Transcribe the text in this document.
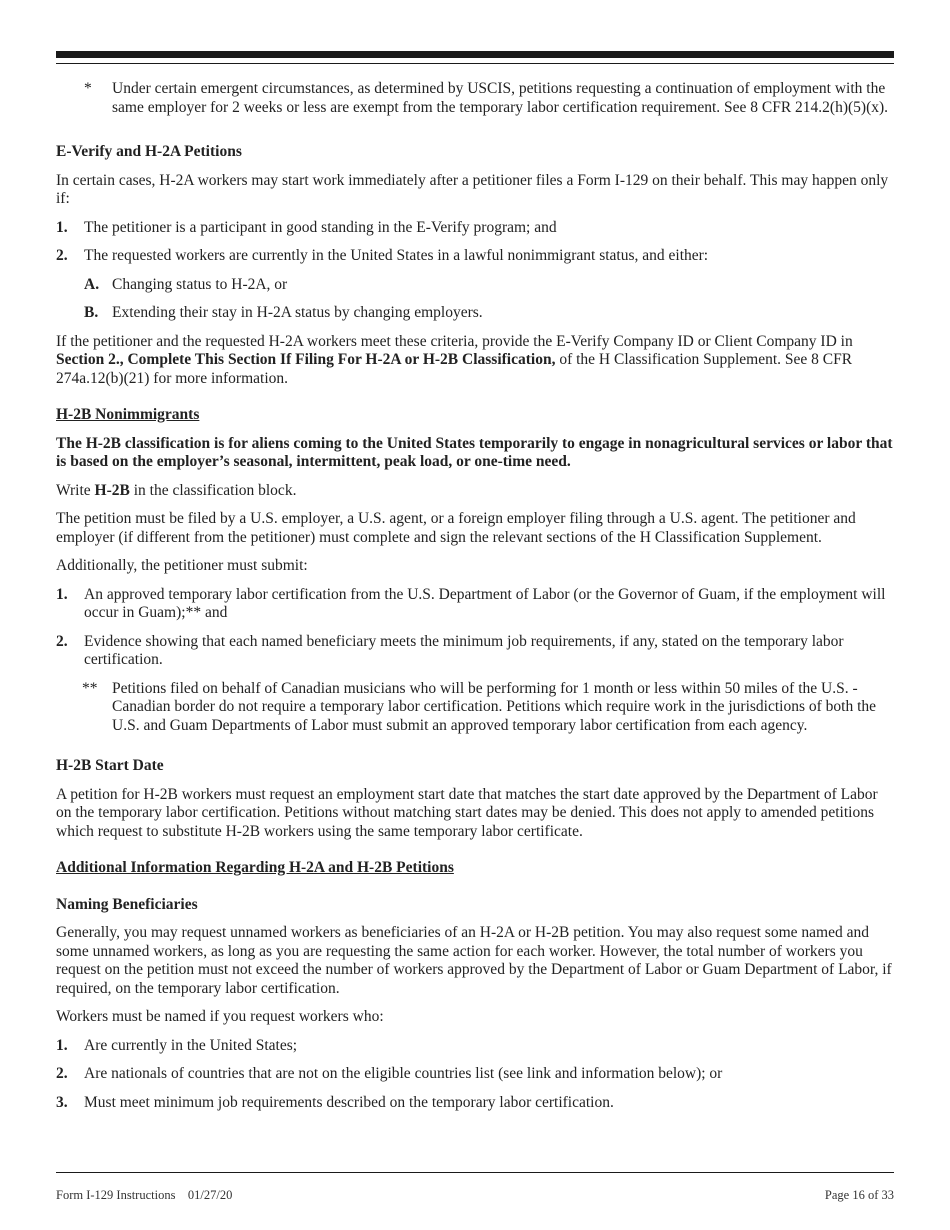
* Under certain emergent circumstances, as determined by USCIS, petitions requesting a continuation of employment with the same employer for 2 weeks or less are exempt from the temporary labor certification requirement. See 8 CFR 214.2(h)(5)(x).

E-Verify and H-2A Petitions

In certain cases, H-2A workers may start work immediately after a petitioner files a Form I-129 on their behalf. This may happen only if:

1. The petitioner is a participant in good standing in the E-Verify program; and

2. The requested workers are currently in the United States in a lawful nonimmigrant status, and either:

A. Changing status to H-2A, or

B. Extending their stay in H-2A status by changing employers.

If the petitioner and the requested H-2A workers meet these criteria, provide the E-Verify Company ID or Client Company ID in Section 2., Complete This Section If Filing For H-2A or H-2B Classification, of the H Classification Supplement. See 8 CFR 274a.12(b)(21) for more information.

H-2B Nonimmigrants

The H-2B classification is for aliens coming to the United States temporarily to engage in nonagricultural services or labor that is based on the employer’s seasonal, intermittent, peak load, or one-time need.

Write H-2B in the classification block.

The petition must be filed by a U.S. employer, a U.S. agent, or a foreign employer filing through a U.S. agent. The petitioner and employer (if different from the petitioner) must complete and sign the relevant sections of the H Classification Supplement.

Additionally, the petitioner must submit:

1. An approved temporary labor certification from the U.S. Department of Labor (or the Governor of Guam, if the employment will occur in Guam);** and

2. Evidence showing that each named beneficiary meets the minimum job requirements, if any, stated on the temporary labor certification.

** Petitions filed on behalf of Canadian musicians who will be performing for 1 month or less within 50 miles of the U.S. - Canadian border do not require a temporary labor certification. Petitions which require work in the jurisdictions of both the U.S. and Guam Departments of Labor must submit an approved temporary labor certification from each agency.

H-2B Start Date

A petition for H-2B workers must request an employment start date that matches the start date approved by the Department of Labor on the temporary labor certification. Petitions without matching start dates may be denied. This does not apply to amended petitions which request to substitute H-2B workers using the same temporary labor certificate.

Additional Information Regarding H-2A and H-2B Petitions

Naming Beneficiaries

Generally, you may request unnamed workers as beneficiaries of an H-2A or H-2B petition. You may also request some named and some unnamed workers, as long as you are requesting the same action for each worker. However, the total number of workers you request on the petition must not exceed the number of workers approved by the Department of Labor or Guam Department of Labor, if required, on the temporary labor certification.

Workers must be named if you request workers who:

1. Are currently in the United States;

2. Are nationals of countries that are not on the eligible countries list (see link and information below); or

3. Must meet minimum job requirements described on the temporary labor certification.

Form I-129 Instructions    01/27/20	Page 16 of 33
